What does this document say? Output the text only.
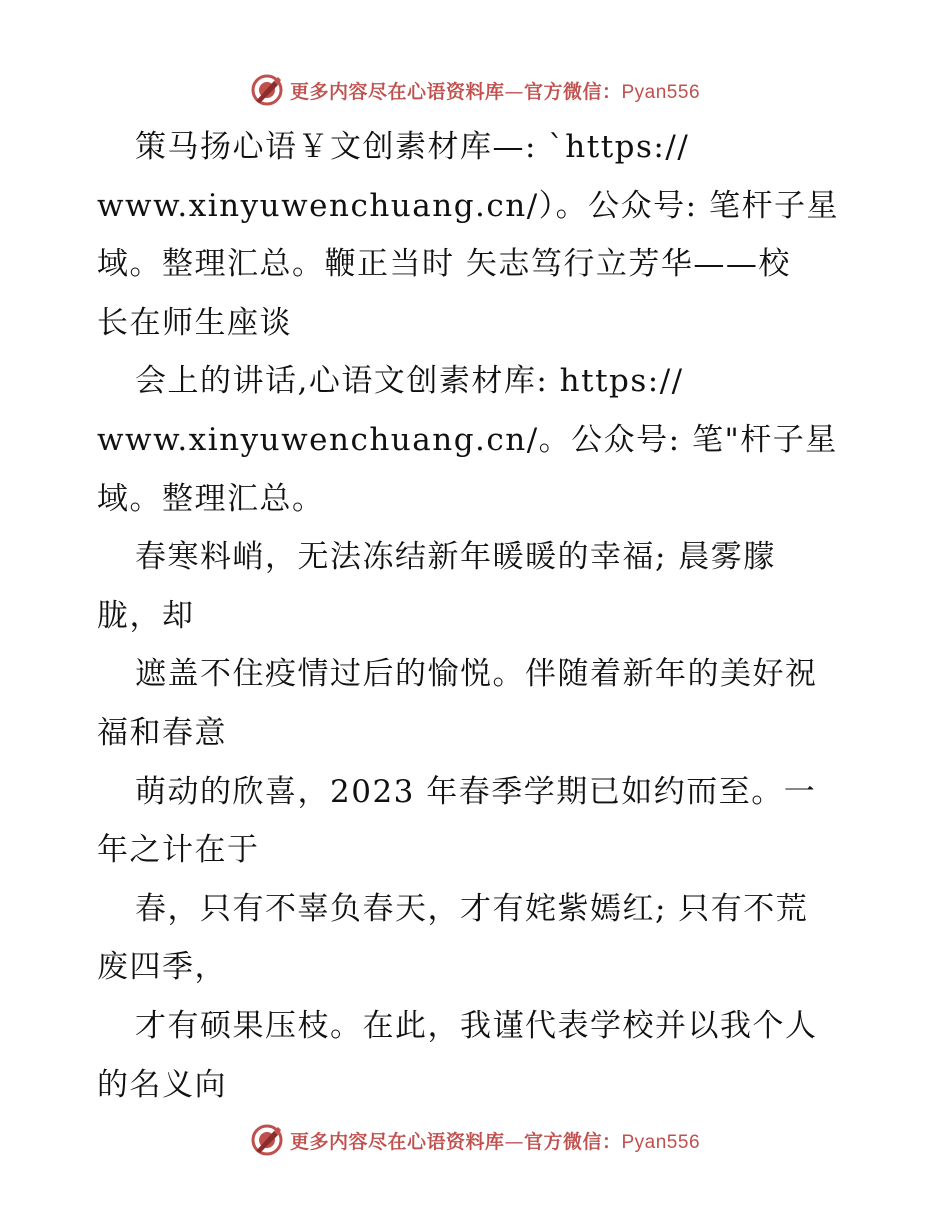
更多内容尽在心语资料库—官方微信：Pyan556
策马扬心语￥文创素材库—: `https://
www.xinyuwenchuang.cn/）。公众号: 笔杆子星
域。整理汇总。鞭正当时 矢志笃行立芳华——校
长在师生座谈
会上的讲话,心语文创素材库: https://
www.xinyuwenchuang.cn/。公众号: 笔"杆子星
域。整理汇总。
春寒料峭，无法冻结新年暖暖的幸福; 晨雾朦
胧，却
遮盖不住疫情过后的愉悦。伴随着新年的美好祝
福和春意
萌动的欣喜，2023 年春季学期已如约而至。一
年之计在于
春，只有不辜负春天，才有姹紫嫣红; 只有不荒
废四季，
才有硕果压枝。在此，我谨代表学校并以我个人
的名义向
更多内容尽在心语资料库—官方微信：Pyan556
